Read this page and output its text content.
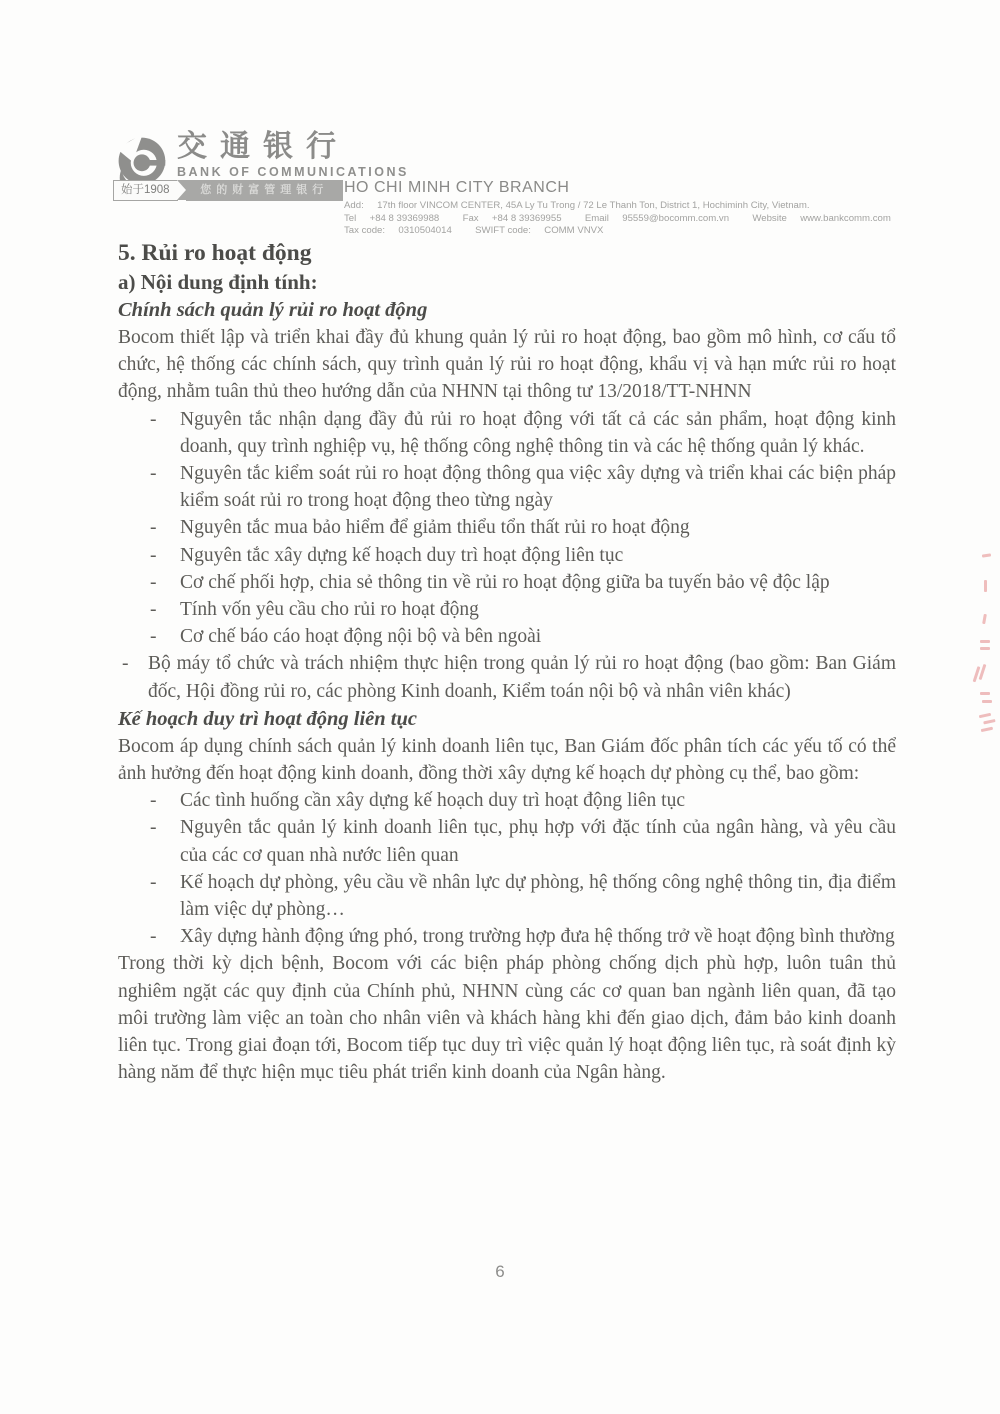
交通银行
BANK OF COMMUNICATIONS
始于1908	您的财富管理银行 HO CHI MINH CITY BRANCH
Add: 17th floor VINCOM CENTER, 45A Ly Tu Trong / 72 Le Thanh Ton, District 1, Hochiminh City, Vietnam.
Tel +84 8 39369988 Fax +84 8 39369955 Email 95559@bocomm.com.vn Website www.bankcomm.com
Tax code: 0310504014 SWIFT code: COMM VNVX
5. Rủi ro hoạt động
a) Nội dung định tính:
Chính sách quản lý rủi ro hoạt động
Bocom thiết lập và triển khai đầy đủ khung quản lý rủi ro hoạt động, bao gồm mô hình, cơ cấu tổ chức, hệ thống các chính sách, quy trình quản lý rủi ro hoạt động, khẩu vị và hạn mức rủi ro hoạt động, nhằm tuân thủ theo hướng dẫn của NHNN tại thông tư 13/2018/TT-NHNN
-	Nguyên tắc nhận dạng đầy đủ rủi ro hoạt động với tất cả các sản phẩm, hoạt động kinh doanh, quy trình nghiệp vụ, hệ thống công nghệ thông tin và các hệ thống quản lý khác.
-	Nguyên tắc kiểm soát rủi ro hoạt động thông qua việc xây dựng và triển khai các biện pháp kiểm soát rủi ro trong hoạt động theo từng ngày
-	Nguyên tắc mua bảo hiểm để giảm thiểu tổn thất rủi ro hoạt động
-	Nguyên tắc xây dựng kế hoạch duy trì hoạt động liên tục
-	Cơ chế phối hợp, chia sẻ thông tin về rủi ro hoạt động giữa ba tuyến bảo vệ độc lập
-	Tính vốn yêu cầu cho rủi ro hoạt động
-	Cơ chế báo cáo hoạt động nội bộ và bên ngoài
-	Bộ máy tổ chức và trách nhiệm thực hiện trong quản lý rủi ro hoạt động (bao gồm: Ban Giám đốc, Hội đồng rủi ro, các phòng Kinh doanh, Kiểm toán nội bộ và nhân viên khác)
Kế hoạch duy trì hoạt động liên tục
Bocom áp dụng chính sách quản lý kinh doanh liên tục, Ban Giám đốc phân tích các yếu tố có thể ảnh hưởng đến hoạt động kinh doanh, đồng thời xây dựng kế hoạch dự phòng cụ thể, bao gồm:
-	Các tình huống cần xây dựng kế hoạch duy trì hoạt động liên tục
-	Nguyên tắc quản lý kinh doanh liên tục, phụ hợp với đặc tính của ngân hàng, và yêu cầu của các cơ quan nhà nước liên quan
-	Kế hoạch dự phòng, yêu cầu về nhân lực dự phòng, hệ thống công nghệ thông tin, địa điểm làm việc dự phòng…
-	Xây dựng hành động ứng phó, trong trường hợp đưa hệ thống trở về hoạt động bình thường
Trong thời kỳ dịch bệnh, Bocom với các biện pháp phòng chống dịch phù hợp, luôn tuân thủ nghiêm ngặt các quy định của Chính phủ, NHNN cùng các cơ quan ban ngành liên quan, đã tạo môi trường làm việc an toàn cho nhân viên và khách hàng khi đến giao dịch, đảm bảo kinh doanh liên tục. Trong giai đoạn tới, Bocom tiếp tục duy trì việc quản lý hoạt động liên tục, rà soát định kỳ hàng năm để thực hiện mục tiêu phát triển kinh doanh của Ngân hàng.
6
